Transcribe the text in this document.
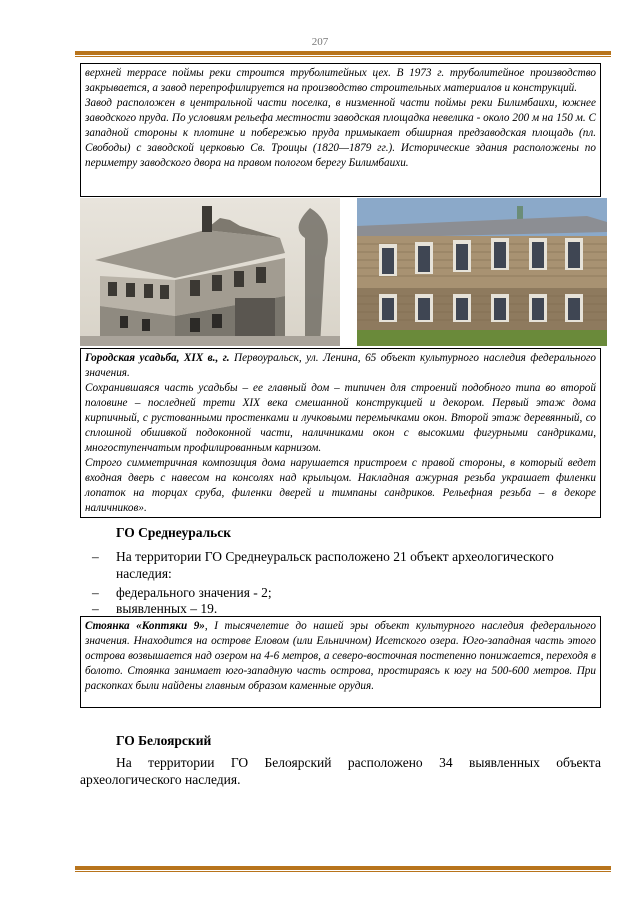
207

верхней террасе поймы реки строится труболитейных цех. В 1973 г. труболитейное производство закрывается, а завод перепрофилируется на производство строительных материалов и конструкций.

Завод расположен в центральной части поселка, в низменной части поймы реки Билимбаихи, южнее заводского пруда. По условиям рельефа местности заводская площадка невелика - около 200 м на 150 м. С западной стороны к плотине и побережью пруда примыкает обширная предзаводская площадь (пл. Свободы) с заводской церковью Св. Троицы (1820—1879 гг.). Исторические здания расположены по периметру заводского двора на правом пологом берегу Билимбаихи.

Городская усадьба, XIX в., г. Первоуральск, ул. Ленина, 65 объект культурного наследия федерального значения.

Сохранившаяся часть усадьбы – ее главный дом – типичен для строений подобного типа во второй половине – последней трети XIX века смешанной конструкцией и декором. Первый этаж дома кирпичный, с рустованными простенками и лучковыми перемычками окон. Второй этаж деревянный, со сплошной обшивкой подоконной части, наличниками окон с высокими фигурными сандриками, многоступенчатым профилированным карнизом.

Строго симметричная композиция дома нарушается пристроем с правой стороны, в который ведет входная дверь с навесом на консолях над крыльцом. Накладная ажурная резьба украшает филенки лопаток на торцах сруба, филенки дверей и тимпаны сандриков. Рельефная резьба – в декоре наличников».

ГО Среднеуральск
– На территории ГО Среднеуральск расположено 21 объект археологического наследия:
– федерального значения - 2;
– выявленных – 19.

Стоянка «Коптяки 9», I тысячелетие до нашей эры объект культурного наследия федерального значения. Ннаходится на острове Еловом (или Ельничном) Исетского озера. Юго-западная часть этого острова возвышается над озером на 4-6 метров, а северо-восточная постепенно понижается, переходя в болото. Стоянка занимает юго-западную часть острова, простираясь к югу на 500-600 метров. При раскопках были найдены главным образом каменные орудия.

ГО Белоярский
На территории ГО Белоярский расположено 34 выявленных объекта археологического наследия.
